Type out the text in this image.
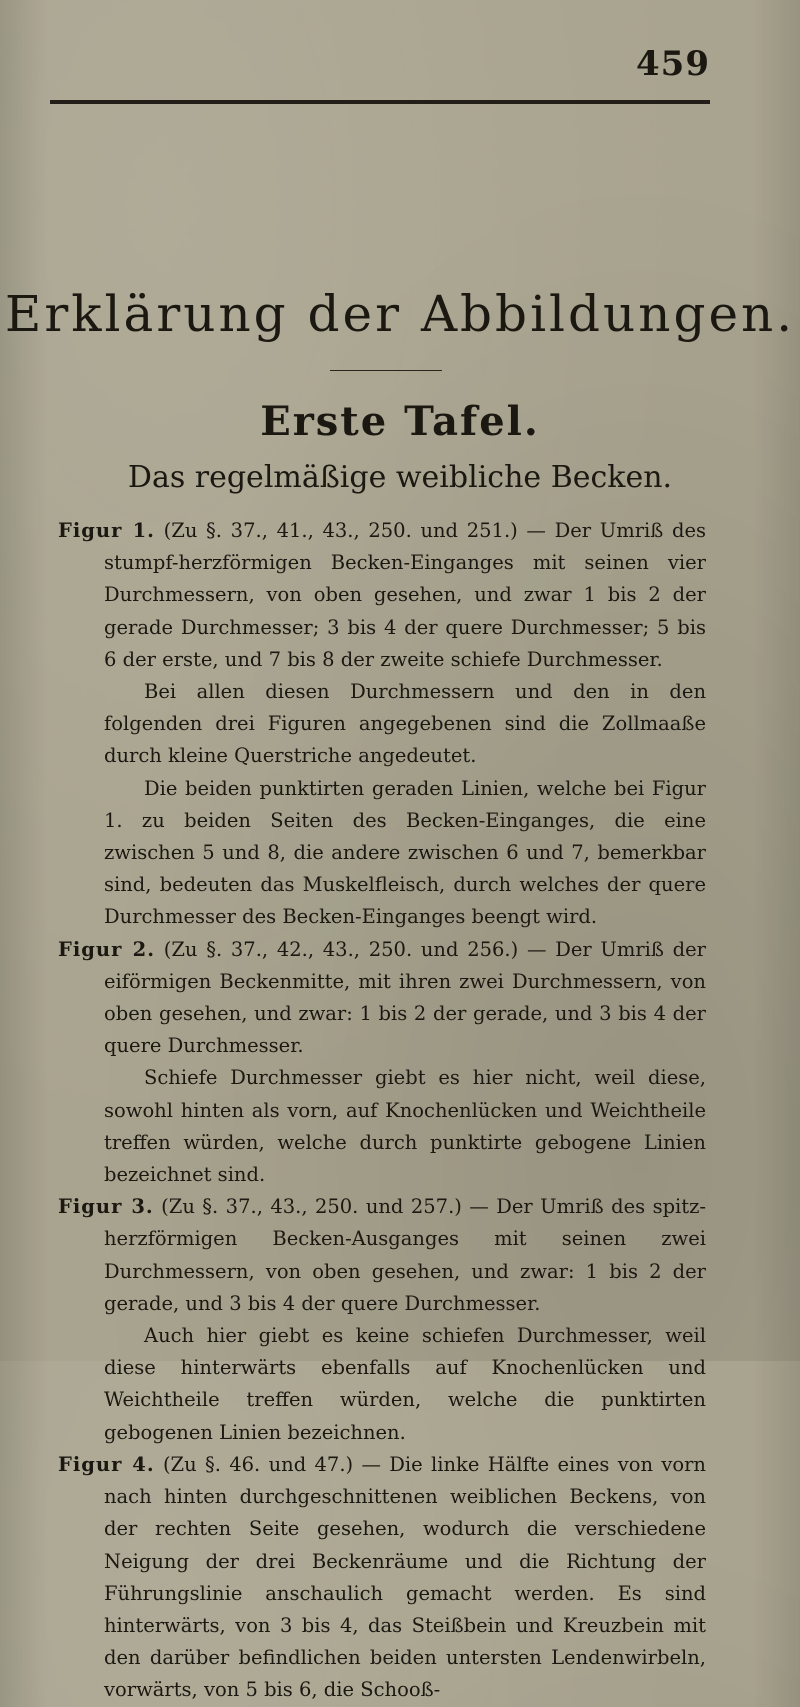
459
Erklärung der Abbildungen.
Erste Tafel.
Das regelmäßige weibliche Becken.

Figur 1. (Zu §. 37., 41., 43., 250. und 251.) — Der Umriß des stumpf-herzförmigen Becken-Einganges mit seinen vier Durchmessern, von oben gesehen, und zwar 1 bis 2 der gerade Durchmesser; 3 bis 4 der quere Durchmesser; 5 bis 6 der erste, und 7 bis 8 der zweite schiefe Durchmesser.

Bei allen diesen Durchmessern und den in den folgenden drei Figuren angegebenen sind die Zollmaaße durch kleine Querstriche angedeutet.

Die beiden punktirten geraden Linien, welche bei Figur 1. zu beiden Seiten des Becken-Einganges, die eine zwischen 5 und 8, die andere zwischen 6 und 7, bemerkbar sind, bedeuten das Muskelfleisch, durch welches der quere Durchmesser des Becken-Einganges beengt wird.

Figur 2. (Zu §. 37., 42., 43., 250. und 256.) — Der Umriß der eiförmigen Beckenmitte, mit ihren zwei Durchmessern, von oben gesehen, und zwar: 1 bis 2 der gerade, und 3 bis 4 der quere Durchmesser.

Schiefe Durchmesser giebt es hier nicht, weil diese, sowohl hinten als vorn, auf Knochenlücken und Weichtheile treffen würden, welche durch punktirte gebogene Linien bezeichnet sind.

Figur 3. (Zu §. 37., 43., 250. und 257.) — Der Umriß des spitz-herzförmigen Becken-Ausganges mit seinen zwei Durchmessern, von oben gesehen, und zwar: 1 bis 2 der gerade, und 3 bis 4 der quere Durchmesser.

Auch hier giebt es keine schiefen Durchmesser, weil diese hinterwärts ebenfalls auf Knochenlücken und Weichtheile treffen würden, welche die punktirten gebogenen Linien bezeichnen.

Figur 4. (Zu §. 46. und 47.) — Die linke Hälfte eines von vorn nach hinten durchgeschnittenen weiblichen Beckens, von der rechten Seite gesehen, wodurch die verschiedene Neigung der drei Beckenräume und die Richtung der Führungslinie anschaulich gemacht werden. Es sind hinterwärts, von 3 bis 4, das Steißbein und Kreuzbein mit den darüber befindlichen beiden untersten Lendenwirbeln, vorwärts, von 5 bis 6, die Schooß-
